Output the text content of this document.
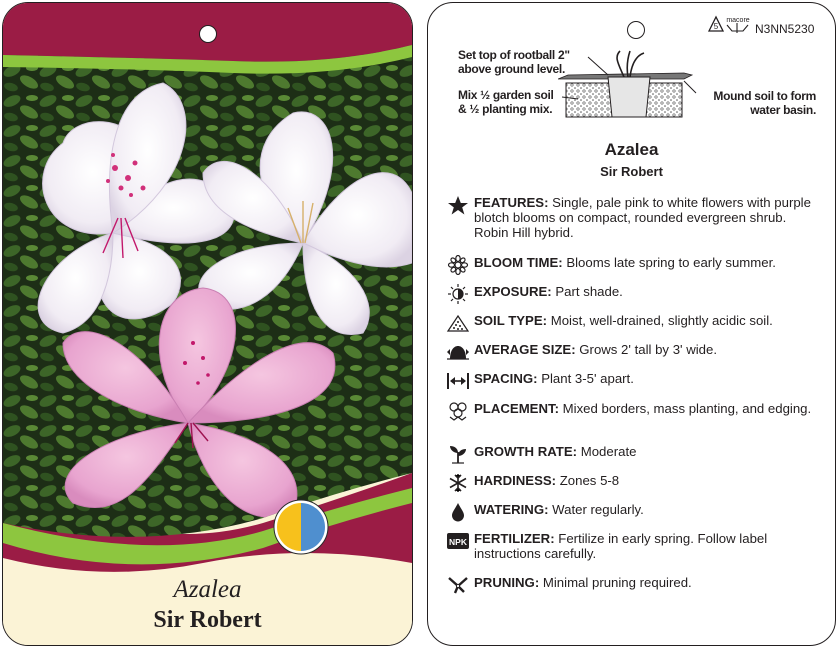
Azalea
Sir Robert
5
macore
N3NN5230
Set top of rootball 2"
above ground level.
Mix ½ garden soil
& ½ planting mix.
Mound soil to form
water basin.
Azalea
Sir Robert
FEATURES: Single, pale pink to white flowers with purple blotch blooms on compact, rounded evergreen shrub. Robin Hill hybrid.
BLOOM TIME: Blooms late spring to early summer.
EXPOSURE: Part shade.
SOIL TYPE: Moist, well-drained, slightly acidic soil.
AVERAGE SIZE: Grows 2' tall by 3' wide.
SPACING: Plant 3-5' apart.
PLACEMENT: Mixed borders, mass planting, and edging.
GROWTH RATE: Moderate
HARDINESS: Zones 5-8
WATERING: Water regularly.
NPK FERTILIZER: Fertilize in early spring. Follow label instructions carefully.
PRUNING: Minimal pruning required.
